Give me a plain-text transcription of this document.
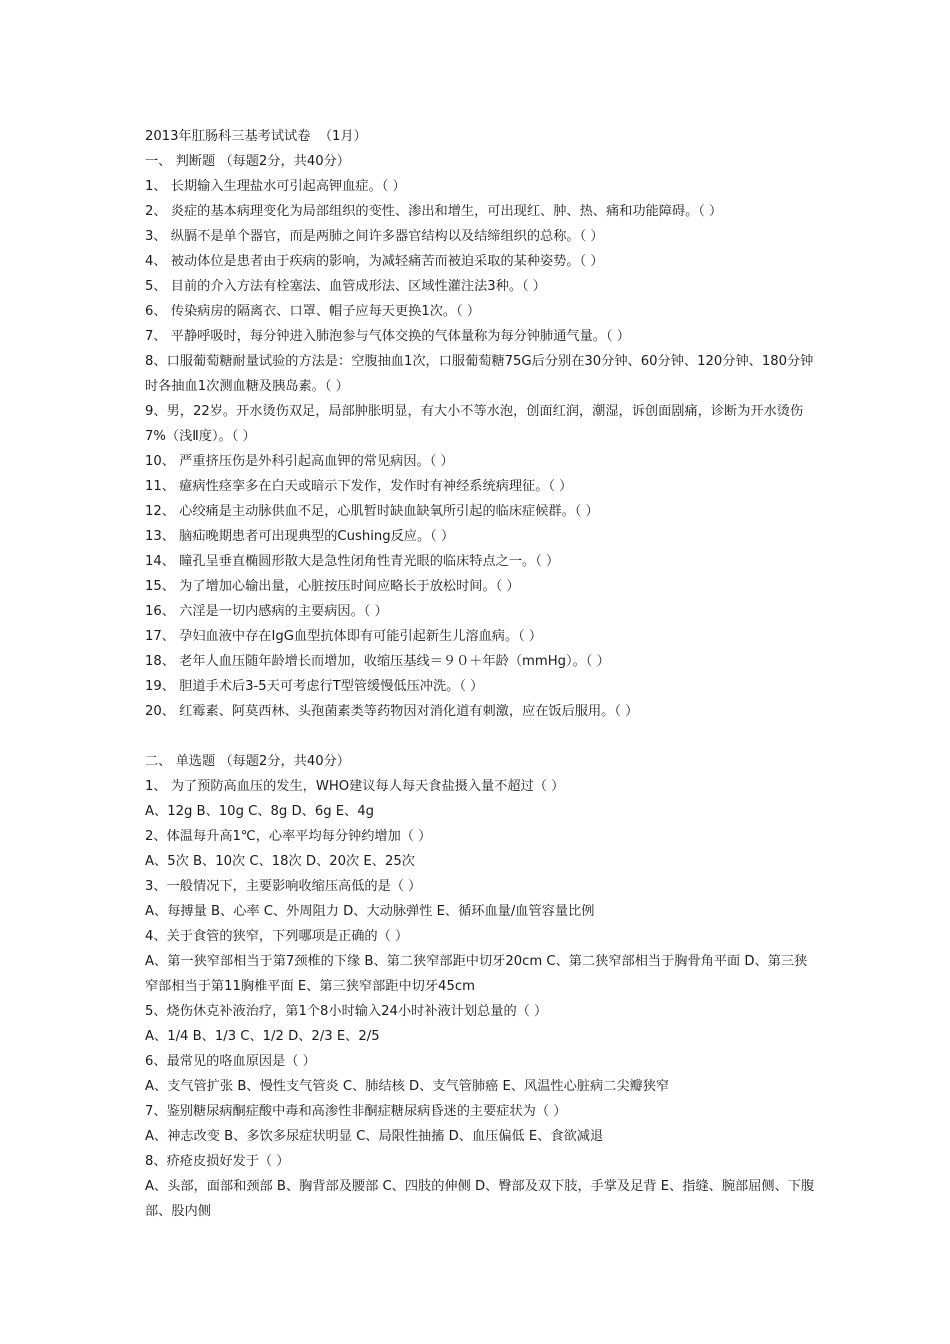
2013年肛肠科三基考试试卷  （1月）
一、 判断题 （每题2分，共40分）
1、 长期输入生理盐水可引起高钾血症。（ ）
2、 炎症的基本病理变化为局部组织的变性、渗出和增生，可出现红、肿、热、痛和功能障碍。（ ）
3、 纵膈不是单个器官，而是两肺之间许多器官结构以及结缔组织的总称。（ ）
4、 被动体位是患者由于疾病的影响，为减轻痛苦而被迫采取的某种姿势。（ ）
5、 目前的介入方法有栓塞法、血管成形法、区域性灌注法3种。（ ）
6、 传染病房的隔离衣、口罩、帽子应每天更换1次。（ ）
7、 平静呼吸时，每分钟进入肺泡参与气体交换的气体量称为每分钟肺通气量。（ ）
8、口服葡萄糖耐量试验的方法是：空腹抽血1次，口服葡萄糖75G后分别在30分钟、60分钟、120分钟、180分钟时各抽血1次测血糖及胰岛素。（ ）
9、男，22岁。开水烫伤双足，局部肿胀明显，有大小不等水泡，创面红润，潮湿，诉创面剧痛，诊断为开水烫伤7%（浅Ⅱ度）。（ ）
10、 严重挤压伤是外科引起高血钾的常见病因。（ ）
11、 癔病性痉挛多在白天或暗示下发作，发作时有神经系统病理征。（ ）
12、 心绞痛是主动脉供血不足，心肌暂时缺血缺氧所引起的临床症候群。（ ）
13、 脑疝晚期患者可出现典型的Cushing反应。（ ）
14、 瞳孔呈垂直椭圆形散大是急性闭角性青光眼的临床特点之一。（ ）
15、 为了增加心输出量，心脏按压时间应略长于放松时间。（ ）
16、 六淫是一切内感病的主要病因。（ ）
17、 孕妇血液中存在IgG血型抗体即有可能引起新生儿溶血病。（ ）
18、 老年人血压随年龄增长而增加，收缩压基线＝９０＋年龄（mmHg）。（ ）
19、 胆道手术后3-5天可考虑行T型管缓慢低压冲洗。（ ）
20、 红霉素、阿莫西林、头孢菌素类等药物因对消化道有刺激，应在饭后服用。（ ）
二、 单选题 （每题2分，共40分）
1、 为了预防高血压的发生，WHO建议每人每天食盐摄入量不超过（ ）
A、12g B、10g C、8g D、6g E、4g
2、体温每升高1℃，心率平均每分钟约增加（ ）
A、5次 B、10次 C、18次 D、20次 E、25次
3、一般情况下，主要影响收缩压高低的是（ ）
A、每搏量 B、心率 C、外周阻力 D、大动脉弹性 E、循环血量/血管容量比例
4、关于食管的狭窄，下列哪项是正确的（ ）
A、第一狭窄部相当于第7颈椎的下缘 B、第二狭窄部距中切牙20cm C、第二狭窄部相当于胸骨角平面 D、第三狭窄部相当于第11胸椎平面 E、第三狭窄部距中切牙45cm
5、烧伤休克补液治疗，第1个8小时输入24小时补液计划总量的（ ）
A、1/4 B、1/3 C、1/2 D、2/3 E、2/5
6、最常见的咯血原因是（ ）
A、支气管扩张 B、慢性支气管炎 C、肺结核 D、支气管肺癌 E、风温性心脏病二尖瓣狭窄
7、鉴别糖尿病酮症酸中毒和高渗性非酮症糖尿病昏迷的主要症状为（ ）
A、神志改变 B、多饮多尿症状明显 C、局限性抽搐 D、血压偏低 E、食欲减退
8、疥疮皮损好发于（ ）
A、头部，面部和颈部 B、胸背部及腰部 C、四肢的伸侧 D、臀部及双下肢，手掌及足背 E、指缝、腕部屈侧、下腹部、股内侧
